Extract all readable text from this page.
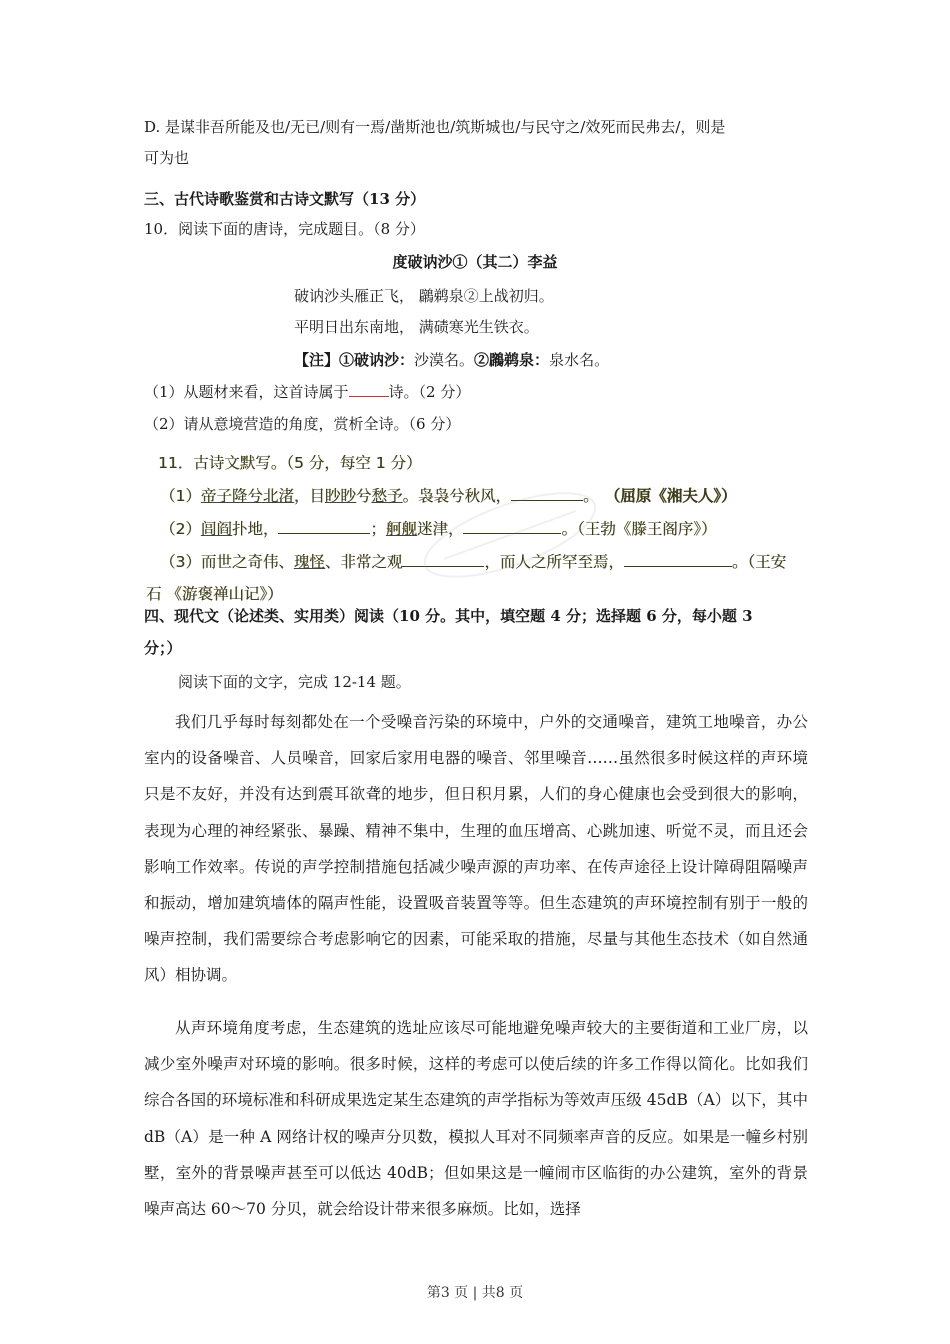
D. 是谋非吾所能及也/无已/则有一焉/凿斯池也/筑斯城也/与民守之/效死而民弗去/，则是
可为也
三、古代诗歌鉴赏和古诗文默写（13 分）
10．阅读下面的唐诗，完成题目。（8 分）
度破讷沙①（其二）李益
破讷沙头雁正飞， 鸊鹈泉②上战初归。
平明日出东南地， 满碛寒光生铁衣。
【注】①破讷沙：沙漠名。②鸊鹈泉：泉水名。
（1）从题材来看，这首诗属于	诗。（2 分）
（2）请从意境营造的角度，赏析全诗。（6 分）
11．古诗文默写。（5 分，每空 1 分）
（1）帝子降兮北渚，目眇眇兮愁予。袅袅兮秋风，	。 （屈原《湘夫人》）
（2）闾阎扑地，	；舸舰迷津，	。（王勃《滕王阁序》）
（3）而世之奇伟、瑰怪、非常之观	，而人之所罕至焉，	。（王安
石 《游褒禅山记》）
四、现代文（论述类、实用类）阅读（10 分。其中，填空题 4 分；选择题 6 分，每小题 3
分；）
阅读下面的文字，完成 12-14 题。

我们几乎每时每刻都处在一个受噪音污染的环境中，户外的交通噪音，建筑工地噪音，办公室内的设备噪音、人员噪音，回家后家用电器的噪音、邻里噪音……虽然很多时候这样的声环境只是不友好，并没有达到震耳欲聋的地步，但日积月累，人们的身心健康也会受到很大的影响，表现为心理的神经紧张、暴躁、精神不集中，生理的血压增高、心跳加速、听觉不灵，而且还会影响工作效率。传说的声学控制措施包括减少噪声源的声功率、在传声途径上设计障碍阻隔噪声和振动，增加建筑墙体的隔声性能，设置吸音装置等等。但生态建筑的声环境控制有别于一般的噪声控制，我们需要综合考虑影响它的因素，可能采取的措施，尽量与其他生态技术（如自然通风）相协调。

从声环境角度考虑，生态建筑的选址应该尽可能地避免噪声较大的主要街道和工业厂房，以减少室外噪声对环境的影响。很多时候，这样的考虑可以使后续的许多工作得以简化。比如我们综合各国的环境标准和科研成果选定某生态建筑的声学指标为等效声压级 45dB（A）以下，其中 dB（A）是一种 A 网络计权的噪声分贝数，模拟人耳对不同频率声音的反应。如果是一幢乡村别墅，室外的背景噪声甚至可以低达 40dB；但如果这是一幢闹市区临街的办公建筑，室外的背景噪声高达 60～70 分贝，就会给设计带来很多麻烦。比如，选择

第3 页 | 共8 页
